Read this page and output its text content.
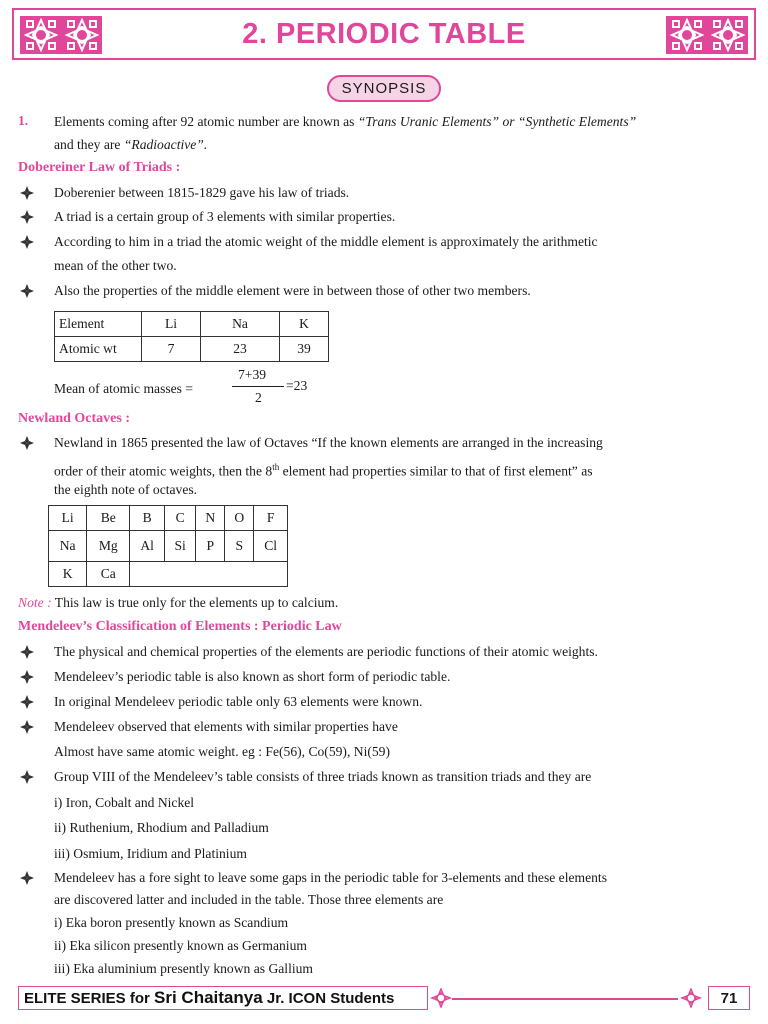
2. PERIODIC TABLE
SYNOPSIS
1. Elements coming after 92 atomic number are known as “Trans Uranic Elements” or “Synthetic Elements”
and they are “Radioactive”.
Dobereiner Law of Triads :
Doberenier between 1815-1829 gave his law of triads.
A triad is a certain group of 3 elements with similar properties.
According to him in a triad the atomic weight of the middle element is approximately the arithmetic
mean of the other two.
Also the properties of the middle element were in between those of other two members.
Element	Li	Na	K
Atomic wt	7	23	39
Mean of atomic masses =
7+39
2
=23
Newland Octaves :
Newland in 1865 presented the law of Octaves “If the known elements are arranged in the increasing
order of their atomic weights, then the 8th element had properties similar to that of first element” as
the eighth note of octaves.
Li	Be	B	C	N	O	F
Na	Mg	Al	Si	P	S	Cl
K	Ca					
Note : This law is true only for the elements up to calcium.
Mendeleev’s Classification of Elements : Periodic Law
The physical and chemical properties of the elements are periodic functions of their atomic weights.
Mendeleev’s periodic table is also known as short form of periodic table.
In original Mendeleev periodic table only 63 elements were known.
Mendeleev observed that elements with similar properties have
Almost have same atomic weight. eg : Fe(56), Co(59), Ni(59)
Group VIII of the Mendeleev’s table consists of three triads known as transition triads and they are
i) Iron, Cobalt and Nickel
ii) Ruthenium, Rhodium and Palladium
iii) Osmium, Iridium and Platinium
Mendeleev has a fore sight to leave some gaps in the periodic table for 3-elements and these elements
are discovered latter and included in the table. Those three elements are
i) Eka boron presently known as Scandium
ii) Eka silicon presently known as Germanium
iii) Eka aluminium presently known as Gallium
ELITE SERIES for Sri Chaitanya Jr. ICON Students	71
